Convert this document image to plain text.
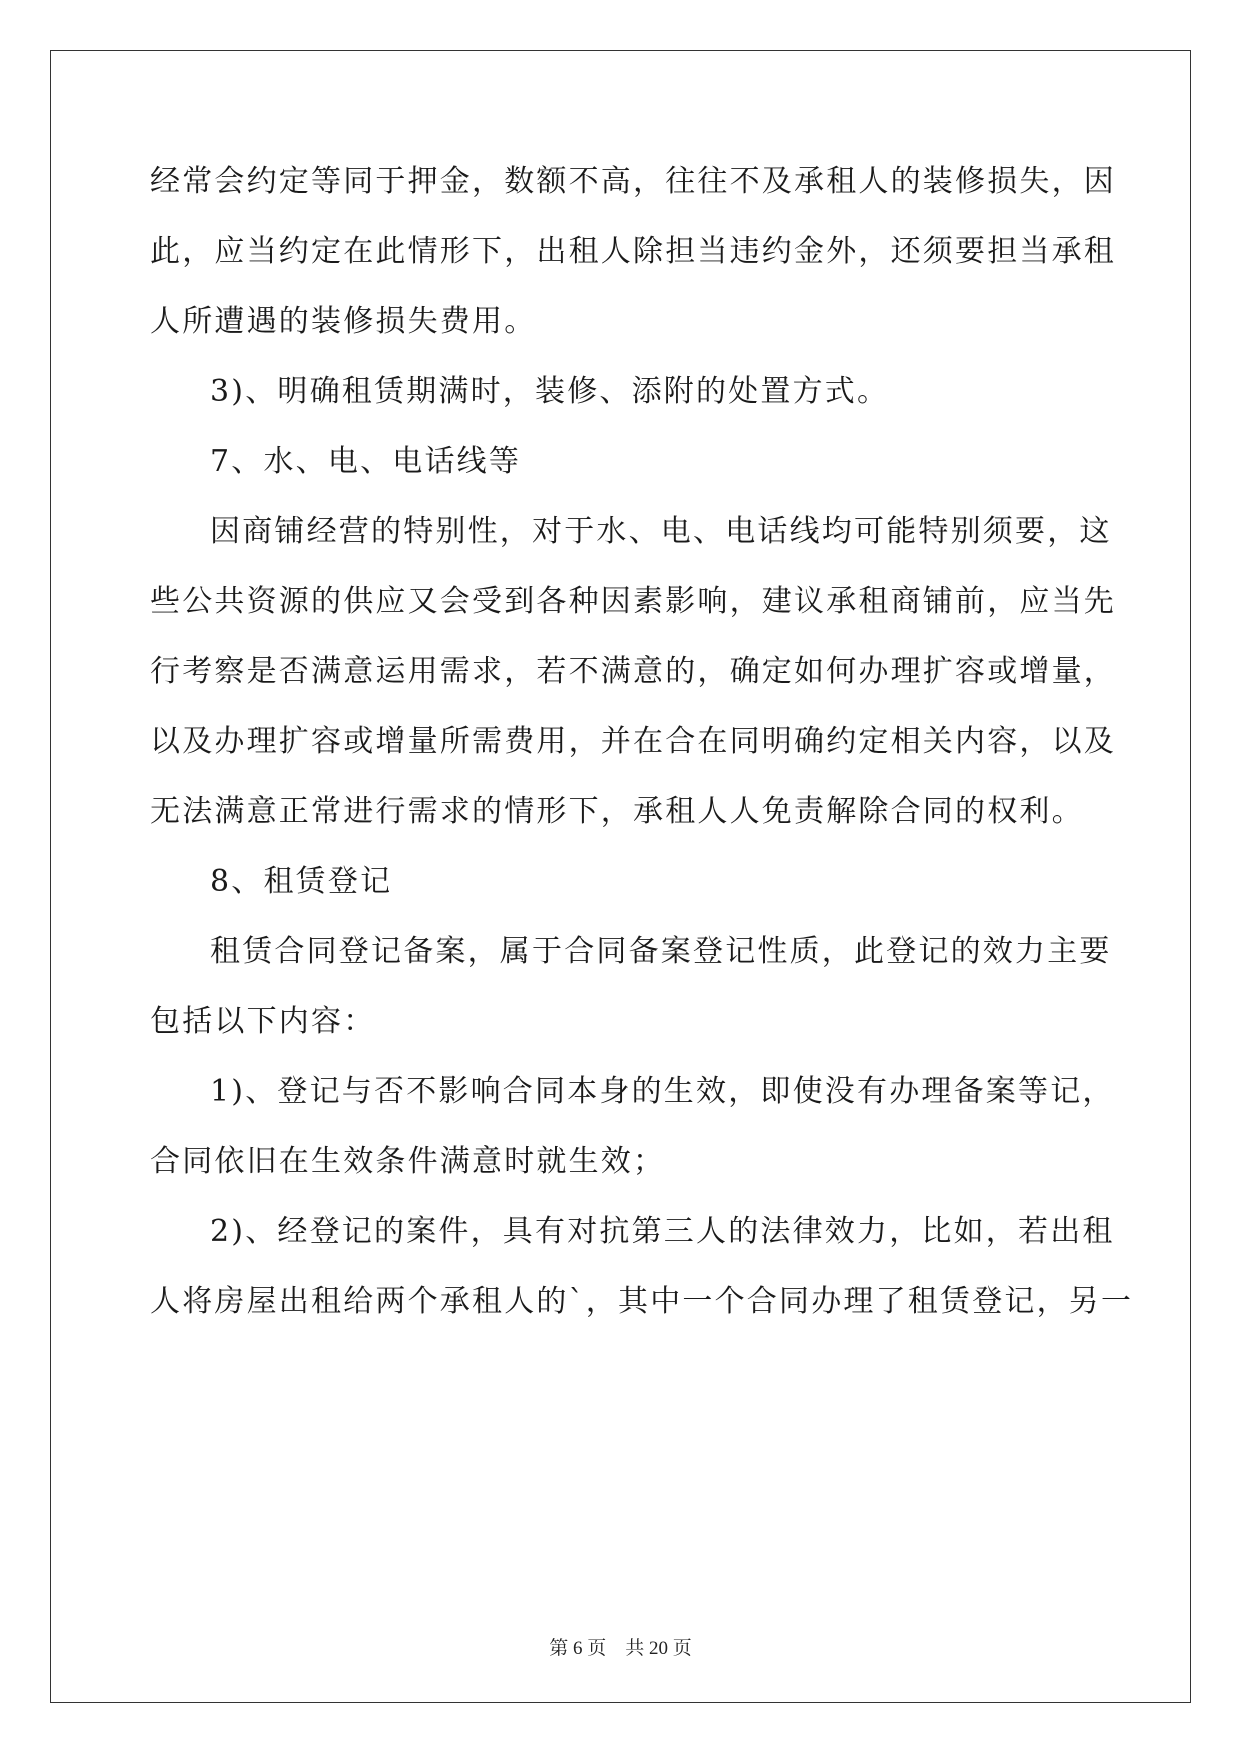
经常会约定等同于押金，数额不高，往往不及承租人的装修损失，因
此，应当约定在此情形下，出租人除担当违约金外，还须要担当承租
人所遭遇的装修损失费用。
3)、明确租赁期满时，装修、添附的处置方式。
7、水、电、电话线等
因商铺经营的特别性，对于水、电、电话线均可能特别须要，这
些公共资源的供应又会受到各种因素影响，建议承租商铺前，应当先
行考察是否满意运用需求，若不满意的，确定如何办理扩容或增量，
以及办理扩容或增量所需费用，并在合在同明确约定相关内容，以及
无法满意正常进行需求的情形下，承租人人免责解除合同的权利。
8、租赁登记
租赁合同登记备案，属于合同备案登记性质，此登记的效力主要
包括以下内容：
1)、登记与否不影响合同本身的生效，即使没有办理备案等记，
合同依旧在生效条件满意时就生效；
2)、经登记的案件，具有对抗第三人的法律效力，比如，若出租
人将房屋出租给两个承租人的`，其中一个合同办理了租赁登记，另一
第 6 页    共 20 页
